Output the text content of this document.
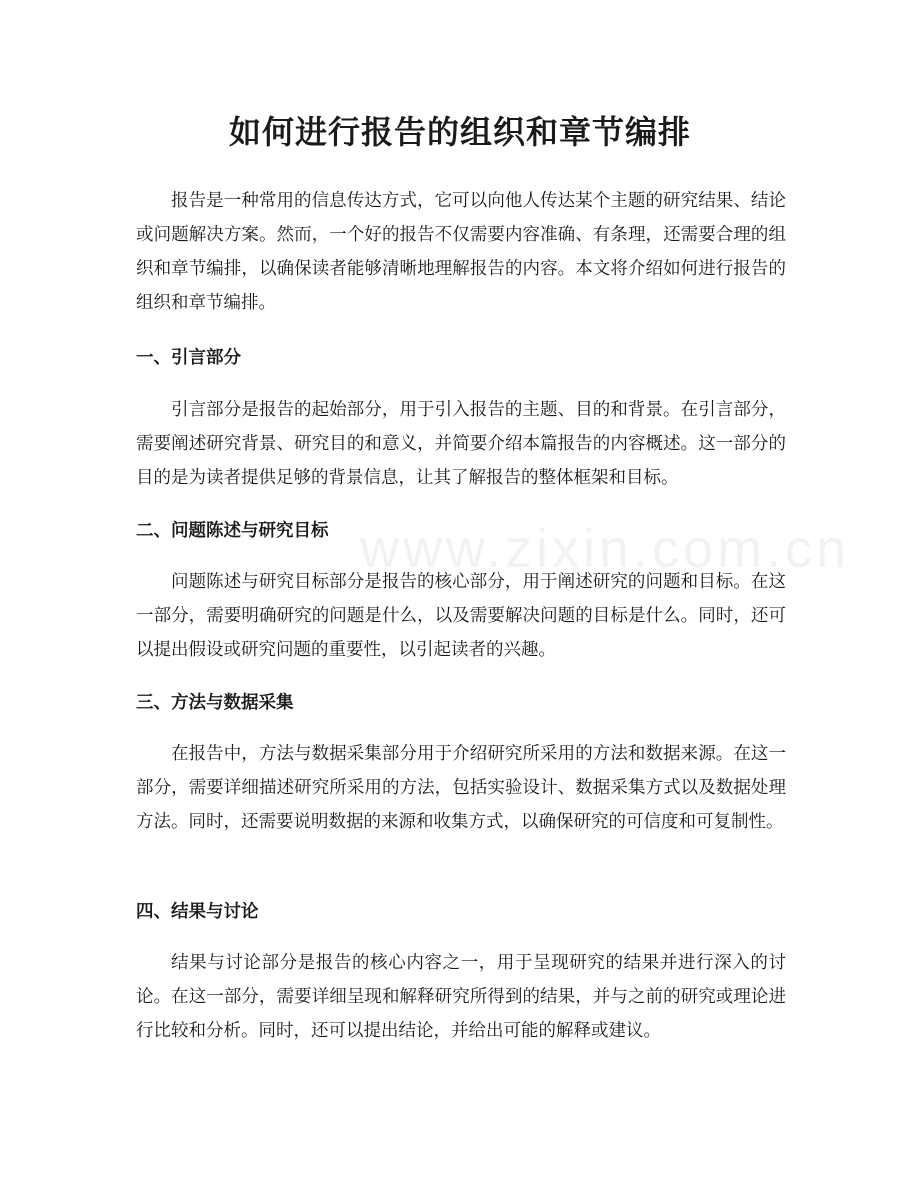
如何进行报告的组织和章节编排

报告是一种常用的信息传达方式，它可以向他人传达某个主题的研究结果、结论或问题解决方案。然而，一个好的报告不仅需要内容准确、有条理，还需要合理的组织和章节编排，以确保读者能够清晰地理解报告的内容。本文将介绍如何进行报告的组织和章节编排。

一、引言部分

引言部分是报告的起始部分，用于引入报告的主题、目的和背景。在引言部分，需要阐述研究背景、研究目的和意义，并简要介绍本篇报告的内容概述。这一部分的目的是为读者提供足够的背景信息，让其了解报告的整体框架和目标。

二、问题陈述与研究目标

问题陈述与研究目标部分是报告的核心部分，用于阐述研究的问题和目标。在这一部分，需要明确研究的问题是什么，以及需要解决问题的目标是什么。同时，还可以提出假设或研究问题的重要性，以引起读者的兴趣。

三、方法与数据采集

在报告中，方法与数据采集部分用于介绍研究所采用的方法和数据来源。在这一部分，需要详细描述研究所采用的方法，包括实验设计、数据采集方式以及数据处理方法。同时，还需要说明数据的来源和收集方式，以确保研究的可信度和可复制性。

四、结果与讨论

结果与讨论部分是报告的核心内容之一，用于呈现研究的结果并进行深入的讨论。在这一部分，需要详细呈现和解释研究所得到的结果，并与之前的研究或理论进行比较和分析。同时，还可以提出结论，并给出可能的解释或建议。

www.zixin.com.cn
